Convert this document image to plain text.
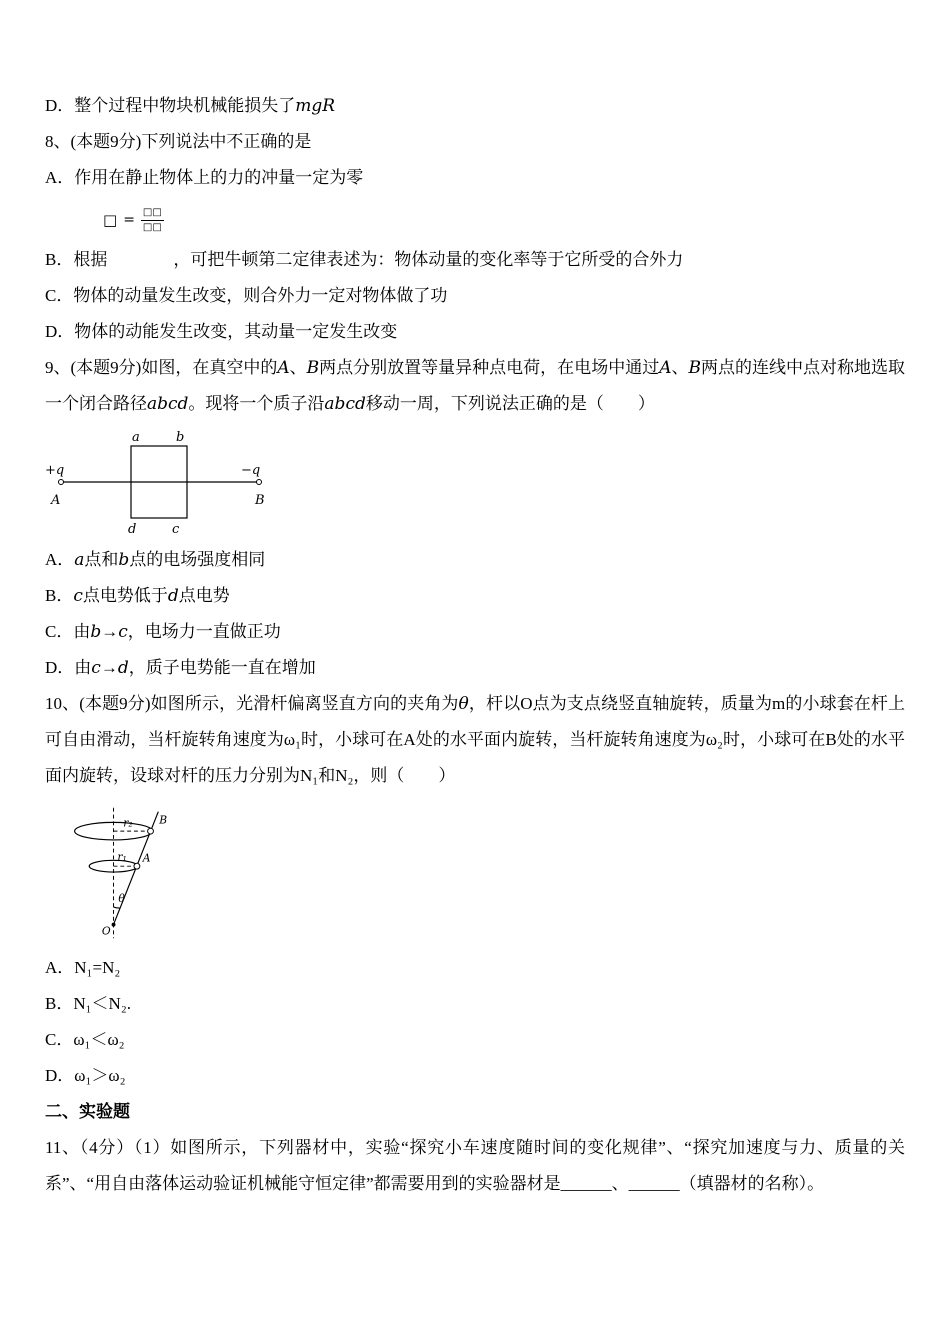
D．整个过程中物块机械能损失了mgR

8、(本题9分)下列说法中不正确的是

A．作用在静止物体上的力的冲量一定为零

□ = $\frac{□□}{□□}$

B．根据	，可把牛顿第二定律表述为：物体动量的变化率等于它所受的合外力

C．物体的动量发生改变，则合外力一定对物体做了功

D．物体的动能发生改变，其动量一定发生改变

9、(本题9分)如图，在真空中的A、B两点分别放置等量异种点电荷，在电场中通过A、B两点的连线中点对称地选取一个闭合路径abcd。现将一个质子沿abcd移动一周，下列说法正确的是（　　）

+q
A
−q
B
a	b
d	c

A．a点和b点的电场强度相同

B．c点电势低于d点电势

C．由b→c，电场力一直做正功

D．由c→d，质子电势能一直在增加

10、(本题9分)如图所示，光滑杆偏离竖直方向的夹角为θ，杆以O点为支点绕竖直轴旋转，质量为m的小球套在杆上可自由滑动，当杆旋转角速度为ω₁时，小球可在A处的水平面内旋转，当杆旋转角速度为ω₂时，小球可在B处的水平面内旋转，设球对杆的压力分别为N₁和N₂，则（　　）

r₂ B
r₁ A
θ
O

A．N₁=N₂

B．N₁＜N₂.

C．ω₁＜ω₂

D．ω₁＞ω₂

二、实验题

11、（4分）（1）如图所示，下列器材中，实验“探究小车速度随时间的变化规律”、“探究加速度与力、质量的关系”、“用自由落体运动验证机械能守恒定律”都需要用到的实验器材是______、______（填器材的名称）。
